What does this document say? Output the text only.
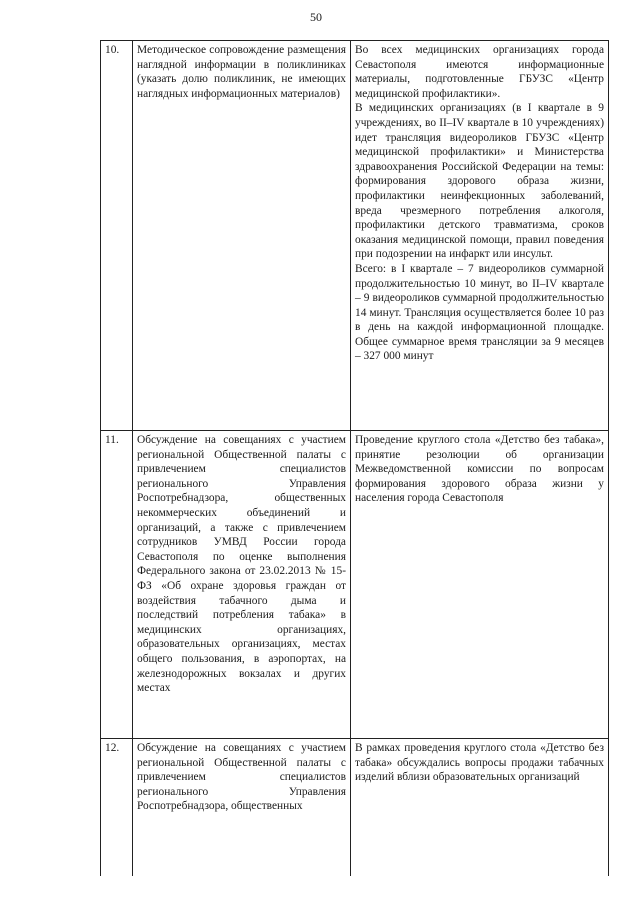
50
10.	Методическое сопровождение размещения наглядной информации в поликлиниках (указать долю поликлиник, не имеющих наглядных информационных материалов)	Во всех медицинских организациях города Севастополя имеются информационные материалы, подготовленные ГБУЗС «Центр медицинской профилактики».

В медицинских организациях (в I квартале в 9 учреждениях, во II–IV квартале в 10 учреждениях) идет трансляция видеороликов ГБУЗС «Центр медицинской профилактики» и Министерства здравоохранения Российской Федерации на темы: формирования здорового образа жизни, профилактики неинфекционных заболеваний, вреда чрезмерного потребления алкоголя, профилактики детского травматизма, сроков оказания медицинской помощи, правил поведения при подозрении на инфаркт или инсульт.

Всего: в I квартале – 7 видеороликов суммарной продолжительностью 10 минут, во II–IV квартале – 9 видеороликов суммарной продолжительностью 14 минут. Трансляция осуществляется более 10 раз в день на каждой информационной площадке. Общее суммарное время трансляции за 9 месяцев – 327 000 минут

11.	Обсуждение на совещаниях с участием региональной Общественной палаты с привлечением специалистов регионального Управления Роспотребнадзора, общественных некоммерческих объединений и организаций, а также с привлечением сотрудников УМВД России города Севастополя по оценке выполнения Федерального закона от 23.02.2013 № 15-ФЗ «Об охране здоровья граждан от воздействия табачного дыма и последствий потребления табака» в медицинских организациях, образовательных организациях, местах общего пользования, в аэропортах, на железнодорожных вокзалах и других местах	Проведение круглого стола «Детство без табака», принятие резолюции об организации Межведомственной комиссии по вопросам формирования здорового образа жизни у населения города Севастополя

12.	Обсуждение на совещаниях с участием региональной Общественной палаты с привлечением специалистов регионального Управления Роспотребнадзора, общественных	В рамках проведения круглого стола «Детство без табака» обсуждались вопросы продажи табачных изделий вблизи образовательных организаций
